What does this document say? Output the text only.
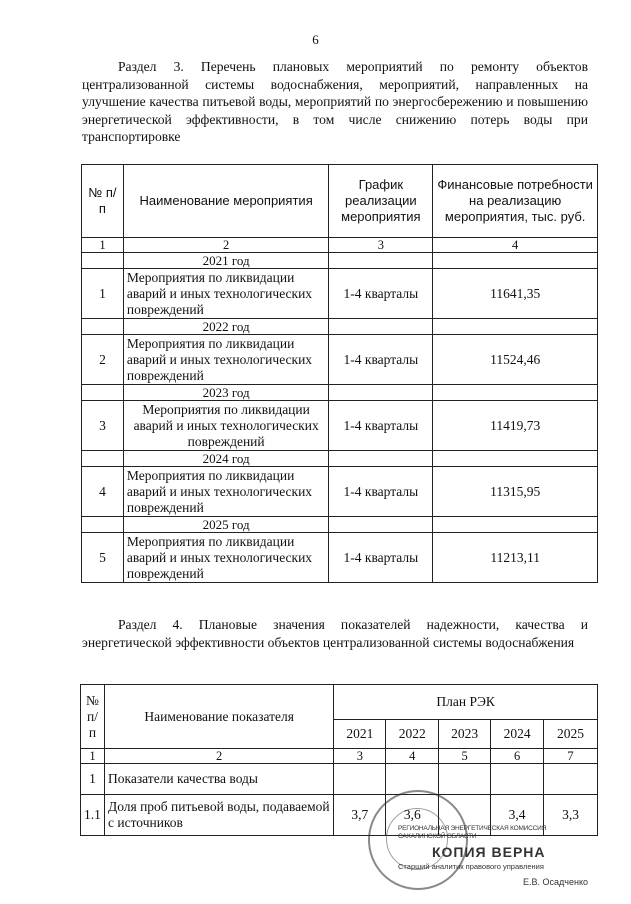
6
Раздел 3. Перечень плановых мероприятий по ремонту объектов централизованной системы водоснабжения, мероприятий, направленных на улучшение качества питьевой воды, мероприятий по энергосбережению и повышению энергетической эффективности, в том числе снижению потерь воды при транспортировке
№ п/п	Наименование мероприятия	График реализации мероприятия	Финансовые потребности на реализацию мероприятия, тыс. руб.
1	2	3	4
	2021 год		
1	Мероприятия по ликвидации аварий и иных технологических повреждений	1-4 кварталы	11641,35
	2022 год		
2	Мероприятия по ликвидации аварий и иных технологических повреждений	1-4 кварталы	11524,46
	2023 год		
3	Мероприятия по ликвидации аварий и иных технологических повреждений	1-4 кварталы	11419,73
	2024 год		
4	Мероприятия по ликвидации аварий и иных технологических повреждений	1-4 кварталы	11315,95
	2025 год		
5	Мероприятия по ликвидации аварий и иных технологических повреждений	1-4 кварталы	11213,11
Раздел 4. Плановые значения показателей надежности, качества и энергетической эффективности объектов централизованной системы водоснабжения
№ п/ п	Наименование показателя	План РЭК				
		2021	2022	2023	2024	2025
1	2	3	4	5	6	7
1	Показатели качества воды					
1.1	Доля проб питьевой воды, подаваемой с источников	3,7	3,6		3,4	3,3
РЕГИОНАЛЬНАЯ ЭНЕРГЕТИЧЕСКАЯ КОМИССИЯ САХАЛИНСКОЙ ОБЛАСТИ
КОПИЯ ВЕРНА
Старший аналитик правового управления
Е.В. Осадченко
